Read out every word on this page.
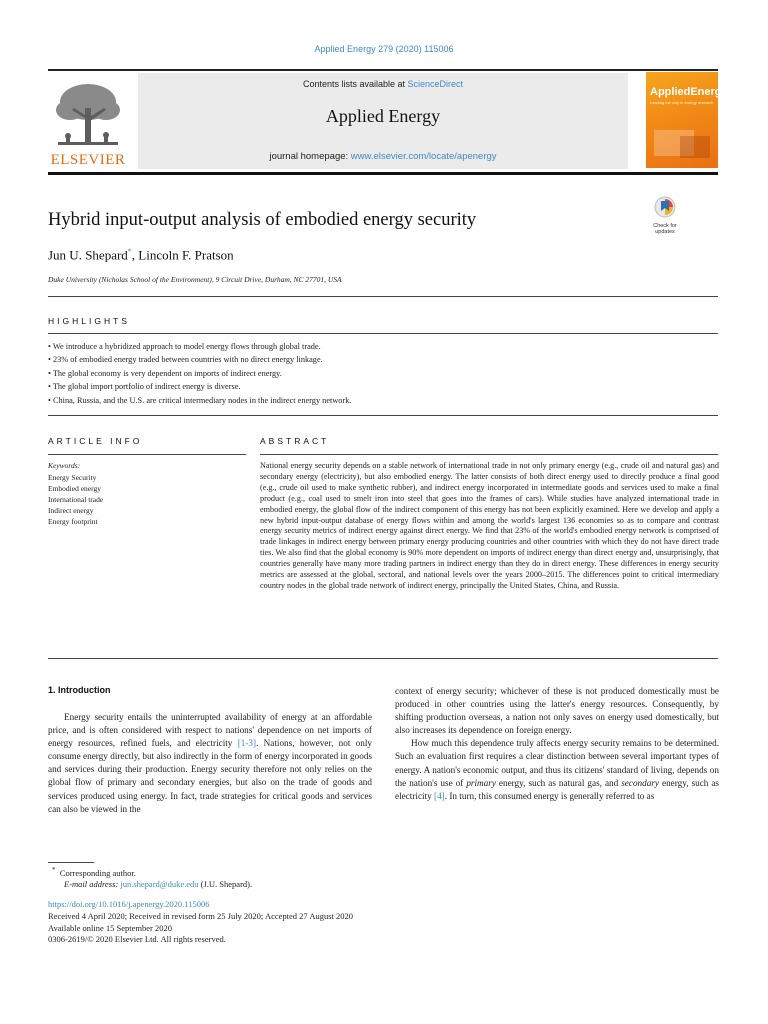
Applied Energy 279 (2020) 115006
ELSEVIER
Contents lists available at ScienceDirect
Applied Energy
journal homepage: www.elsevier.com/locate/apenergy
AppliedEnergy
Leading the way in energy research
Hybrid input-output analysis of embodied energy security	Check for updates
Jun U. Shepard*, Lincoln F. Pratson
Duke University (Nicholas School of the Environment), 9 Circuit Drive, Durham, NC 27701, USA
HIGHLIGHTS
• We introduce a hybridized approach to model energy flows through global trade.
• 23% of embodied energy traded between countries with no direct energy linkage.
• The global economy is very dependent on imports of indirect energy.
• The global import portfolio of indirect energy is diverse.
• China, Russia, and the U.S. are critical intermediary nodes in the indirect energy network.
ARTICLE INFO	ABSTRACT
Keywords:
Energy Security
Embodied energy
International trade
Indirect energy
Energy footprint
National energy security depends on a stable network of international trade in not only primary energy (e.g., crude oil and natural gas) and secondary energy (electricity), but also embodied energy. The latter consists of both direct energy used to directly produce a final good (e.g., crude oil used to make synthetic rubber), and indirect energy incorporated in intermediate goods and services used to make a final product (e.g., coal used to smelt iron into steel that goes into the frames of cars). While studies have analyzed international trade in embodied energy, the global flow of the indirect component of this energy has not been explicitly examined. Here we develop and apply a new hybrid input-output database of energy flows within and among the world's largest 136 economies so as to compare and contrast energy security metrics of indirect energy against direct energy. We find that 23% of the world's embodied energy network is comprised of trade linkages in indirect energy between primary energy producing countries and other countries with which they do not have direct trade ties. We also find that the global economy is 90% more dependent on imports of indirect energy than direct energy and, unsurprisingly, that countries generally have many more trading partners in indirect energy than they do in direct energy. These differences in energy security metrics are assessed at the global, sectoral, and national levels over the years 2000–2015. The differences point to critical intermediary country nodes in the global trade network of indirect energy, principally the United States, China, and Russia.
1. Introduction
Energy security entails the uninterrupted availability of energy at an affordable price, and is often considered with respect to nations' dependence on net imports of energy resources, refined fuels, and electricity [1-3]. Nations, however, not only consume energy directly, but also indirectly in the form of energy incorporated in goods and services during their production. Energy security therefore not only relies on the global flow of primary and secondary energies, but also on the trade of goods and services produced using energy. In fact, trade strategies for critical goods and services can also be viewed in the

context of energy security; whichever of these is not produced domestically must be produced in other countries using the latter's energy resources. Consequently, by shifting production overseas, a nation not only saves on energy used domestically, but also increases its dependence on foreign energy.

How much this dependence truly affects energy security remains to be determined. Such an evaluation first requires a clear distinction between several important types of energy. A nation's economic output, and thus its citizens' standard of living, depends on the nation's use of primary energy, such as natural gas, and secondary energy, such as electricity [4]. In turn, this consumed energy is generally referred to as

* Corresponding author.
E-mail address: jun.shepard@duke.edu (J.U. Shepard).
https://doi.org/10.1016/j.apenergy.2020.115006
Received 4 April 2020; Received in revised form 25 July 2020; Accepted 27 August 2020
Available online 15 September 2020
0306-2619/© 2020 Elsevier Ltd. All rights reserved.
